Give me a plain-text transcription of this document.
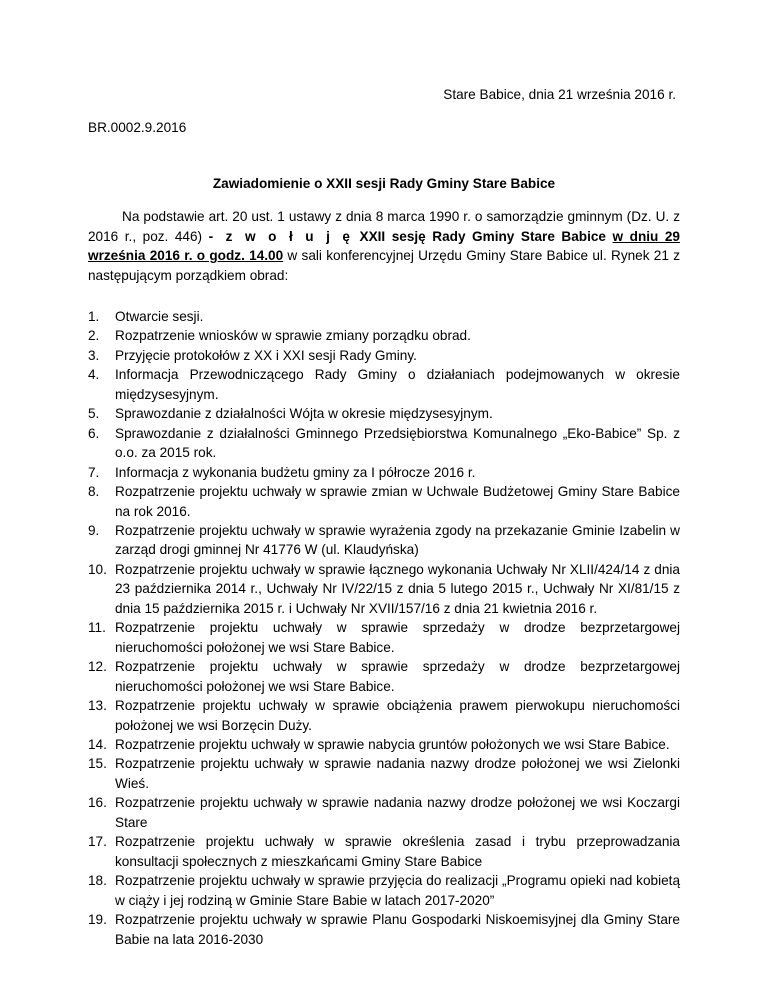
Stare Babice, dnia 21 września 2016 r.
BR.0002.9.2016
Zawiadomienie o XXII sesji Rady Gminy Stare Babice

Na podstawie art. 20 ust. 1 ustawy z dnia 8 marca 1990 r. o samorządzie gminnym (Dz. U. z 2016 r., poz. 446) - z w o ł u j ę XXII sesję Rady Gminy Stare Babice w dniu 29 września 2016 r. o godz. 14.00 w sali konferencyjnej Urzędu Gminy Stare Babice ul. Rynek 21 z następującym porządkiem obrad:

1. Otwarcie sesji.
2. Rozpatrzenie wniosków w sprawie zmiany porządku obrad.
3. Przyjęcie protokołów z XX i XXI sesji Rady Gminy.
4. Informacja Przewodniczącego Rady Gminy o działaniach podejmowanych w okresie międzysesyjnym.
5. Sprawozdanie z działalności Wójta w okresie międzysesyjnym.
6. Sprawozdanie z działalności Gminnego Przedsiębiorstwa Komunalnego „Eko-Babice” Sp. z o.o. za 2015 rok.
7. Informacja z wykonania budżetu gminy za I półrocze 2016 r.
8. Rozpatrzenie projektu uchwały w sprawie zmian w Uchwale Budżetowej Gminy Stare Babice na rok 2016.
9. Rozpatrzenie projektu uchwały w sprawie wyrażenia zgody na przekazanie Gminie Izabelin w zarząd drogi gminnej Nr 41776 W (ul. Klaudyńska)
10. Rozpatrzenie projektu uchwały w sprawie łącznego wykonania Uchwały Nr XLII/424/14 z dnia 23 października 2014 r., Uchwały Nr IV/22/15 z dnia 5 lutego 2015 r., Uchwały Nr XI/81/15 z dnia 15 października 2015 r. i Uchwały Nr XVII/157/16 z dnia 21 kwietnia 2016 r.
11. Rozpatrzenie projektu uchwały w sprawie sprzedaży w drodze bezprzetargowej nieruchomości położonej we wsi Stare Babice.
12. Rozpatrzenie projektu uchwały w sprawie sprzedaży w drodze bezprzetargowej nieruchomości położonej we wsi Stare Babice.
13. Rozpatrzenie projektu uchwały w sprawie obciążenia prawem pierwokupu nieruchomości położonej we wsi Borzęcin Duży.
14. Rozpatrzenie projektu uchwały w sprawie nabycia gruntów położonych we wsi Stare Babice.
15. Rozpatrzenie projektu uchwały w sprawie nadania nazwy drodze położonej we wsi Zielonki Wieś.
16. Rozpatrzenie projektu uchwały w sprawie nadania nazwy drodze położonej we wsi Koczargi Stare
17. Rozpatrzenie projektu uchwały w sprawie określenia zasad i trybu przeprowadzania konsultacji społecznych z mieszkańcami Gminy Stare Babice
18. Rozpatrzenie projektu uchwały w sprawie przyjęcia do realizacji „Programu opieki nad kobietą w ciąży i jej rodziną w Gminie Stare Babie w latach 2017-2020”
19. Rozpatrzenie projektu uchwały w sprawie Planu Gospodarki Niskoemisyjnej dla Gminy Stare Babie na lata 2016-2030
